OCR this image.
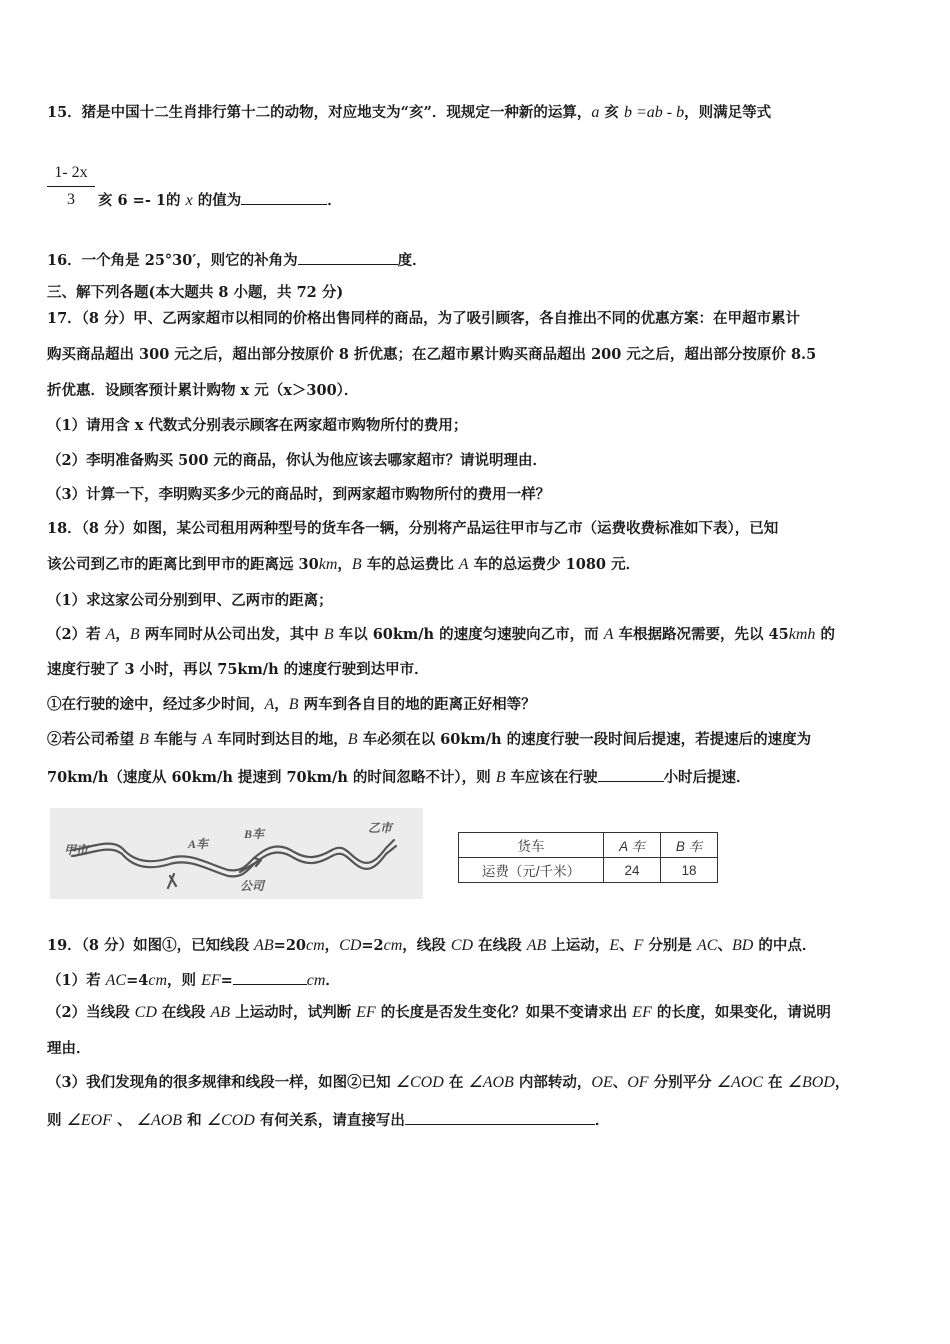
15．猪是中国十二生肖排行第十二的动物，对应地支为“亥”．现规定一种新的运算，a 亥 b =ab - b，则满足等式
$\frac{1- 2x}{3}$ 亥 6 =- 1的 x 的值为	．
16．一个角是 25°30′，则它的补角为	度．
三、解下列各题(本大题共 8 小题，共 72 分)
17．（8 分）甲、乙两家超市以相同的价格出售同样的商品，为了吸引顾客，各自推出不同的优惠方案：在甲超市累计
购买商品超出 300 元之后，超出部分按原价 8 折优惠；在乙超市累计购买商品超出 200 元之后，超出部分按原价 8.5
折优惠．设顾客预计累计购物 x 元（x＞300）．
（1）请用含 x 代数式分别表示顾客在两家超市购物所付的费用；
（2）李明准备购买 500 元的商品，你认为他应该去哪家超市？请说明理由．
（3）计算一下，李明购买多少元的商品时，到两家超市购物所付的费用一样？
18．（8 分）如图，某公司租用两种型号的货车各一辆，分别将产品运往甲市与乙市（运费收费标准如下表），已知
该公司到乙市的距离比到甲市的距离远 30km，B 车的总运费比 A 车的总运费少 1080 元．
（1）求这家公司分别到甲、乙两市的距离；
（2）若 A，B 两车同时从公司出发，其中 B 车以 60km/h 的速度匀速驶向乙市，而 A 车根据路况需要，先以 45kmh 的
速度行驶了 3 小时，再以 75km/h 的速度行驶到达甲市．
①在行驶的途中，经过多少时间，A，B 两车到各自目的地的距离正好相等？
②若公司希望 B 车能与 A 车同时到达目的地，B 车必须在以 60km/h 的速度行驶一段时间后提速，若提速后的速度为
70km/h（速度从 60km/h 提速到 70km/h 的时间忽略不计），则 B 车应该在行驶	小时后提速．
甲市	A车
B车	乙市
公司
货车	A 车	B 车
运费（元/千米）	24	18
19．（8 分）如图①，已知线段 AB=20cm，CD=2cm，线段 CD 在线段 AB 上运动，E、F 分别是 AC、BD 的中点．
（1）若 AC=4cm，则 EF=	cm．
（2）当线段 CD 在线段 AB 上运动时，试判断 EF 的长度是否发生变化？如果不变请求出 EF 的长度，如果变化，请说明
理由．
（3）我们发现角的很多规律和线段一样，如图②已知 ∠COD 在 ∠AOB 内部转动，OE、OF 分别平分 ∠AOC 在 ∠BOD，
则 ∠EOF 、 ∠AOB 和 ∠COD 有何关系，请直接写出	．
